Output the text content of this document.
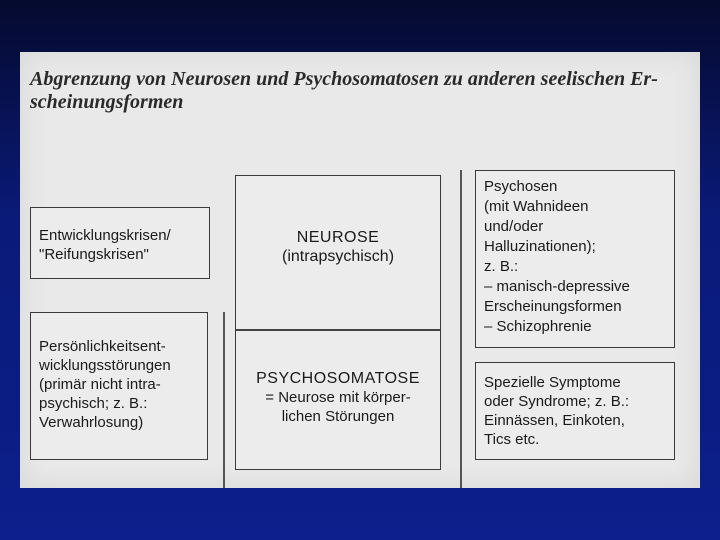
Abgrenzung von Neurosen und Psychosomatosen zu anderen seelischen Er-
scheinungsformen
Entwicklungskrisen/
"Reifungskrisen"
Persönlichkeitsent-
wicklungsstörungen
(primär nicht intra-
psychisch; z. B.:
Verwahrlosung)
NEUROSE
(intrapsychisch)
PSYCHOSOMATOSE
= Neurose mit körper-
lichen Störungen
Psychosen
(mit Wahnideen
und/oder
Halluzinationen);
z. B.:
– manisch-depressive
Erscheinungsformen
– Schizophrenie
Spezielle Symptome
oder Syndrome; z. B.:
Einnässen, Einkoten,
Tics etc.
